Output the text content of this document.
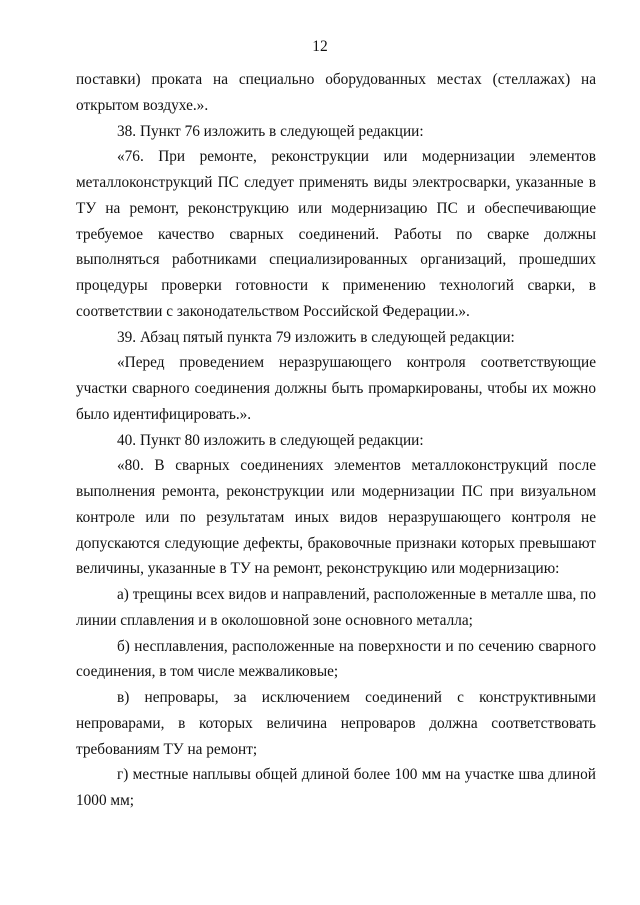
12

поставки) проката на специально оборудованных местах (стеллажах) на открытом воздухе.».

38. Пункт 76 изложить в следующей редакции:

«76. При ремонте, реконструкции или модернизации элементов металлоконструкций ПС следует применять виды электросварки, указанные в ТУ на ремонт, реконструкцию или модернизацию ПС и обеспечивающие требуемое качество сварных соединений. Работы по сварке должны выполняться работниками специализированных организаций, прошедших процедуры проверки готовности к применению технологий сварки, в соответствии с законодательством Российской Федерации.».

39. Абзац пятый пункта 79 изложить в следующей редакции:

«Перед проведением неразрушающего контроля соответствующие участки сварного соединения должны быть промаркированы, чтобы их можно было идентифицировать.».

40. Пункт 80 изложить в следующей редакции:

«80. В сварных соединениях элементов металлоконструкций после выполнения ремонта, реконструкции или модернизации ПС при визуальном контроле или по результатам иных видов неразрушающего контроля не допускаются следующие дефекты, браковочные признаки которых превышают величины, указанные в ТУ на ремонт, реконструкцию или модернизацию:

а) трещины всех видов и направлений, расположенные в металле шва, по линии сплавления и в околошовной зоне основного металла;

б) несплавления, расположенные на поверхности и по сечению сварного соединения, в том числе межваликовые;

в) непровары, за исключением соединений с конструктивными непроварами, в которых величина непроваров должна соответствовать требованиям ТУ на ремонт;

г) местные наплывы общей длиной более 100 мм на участке шва длиной 1000 мм;
